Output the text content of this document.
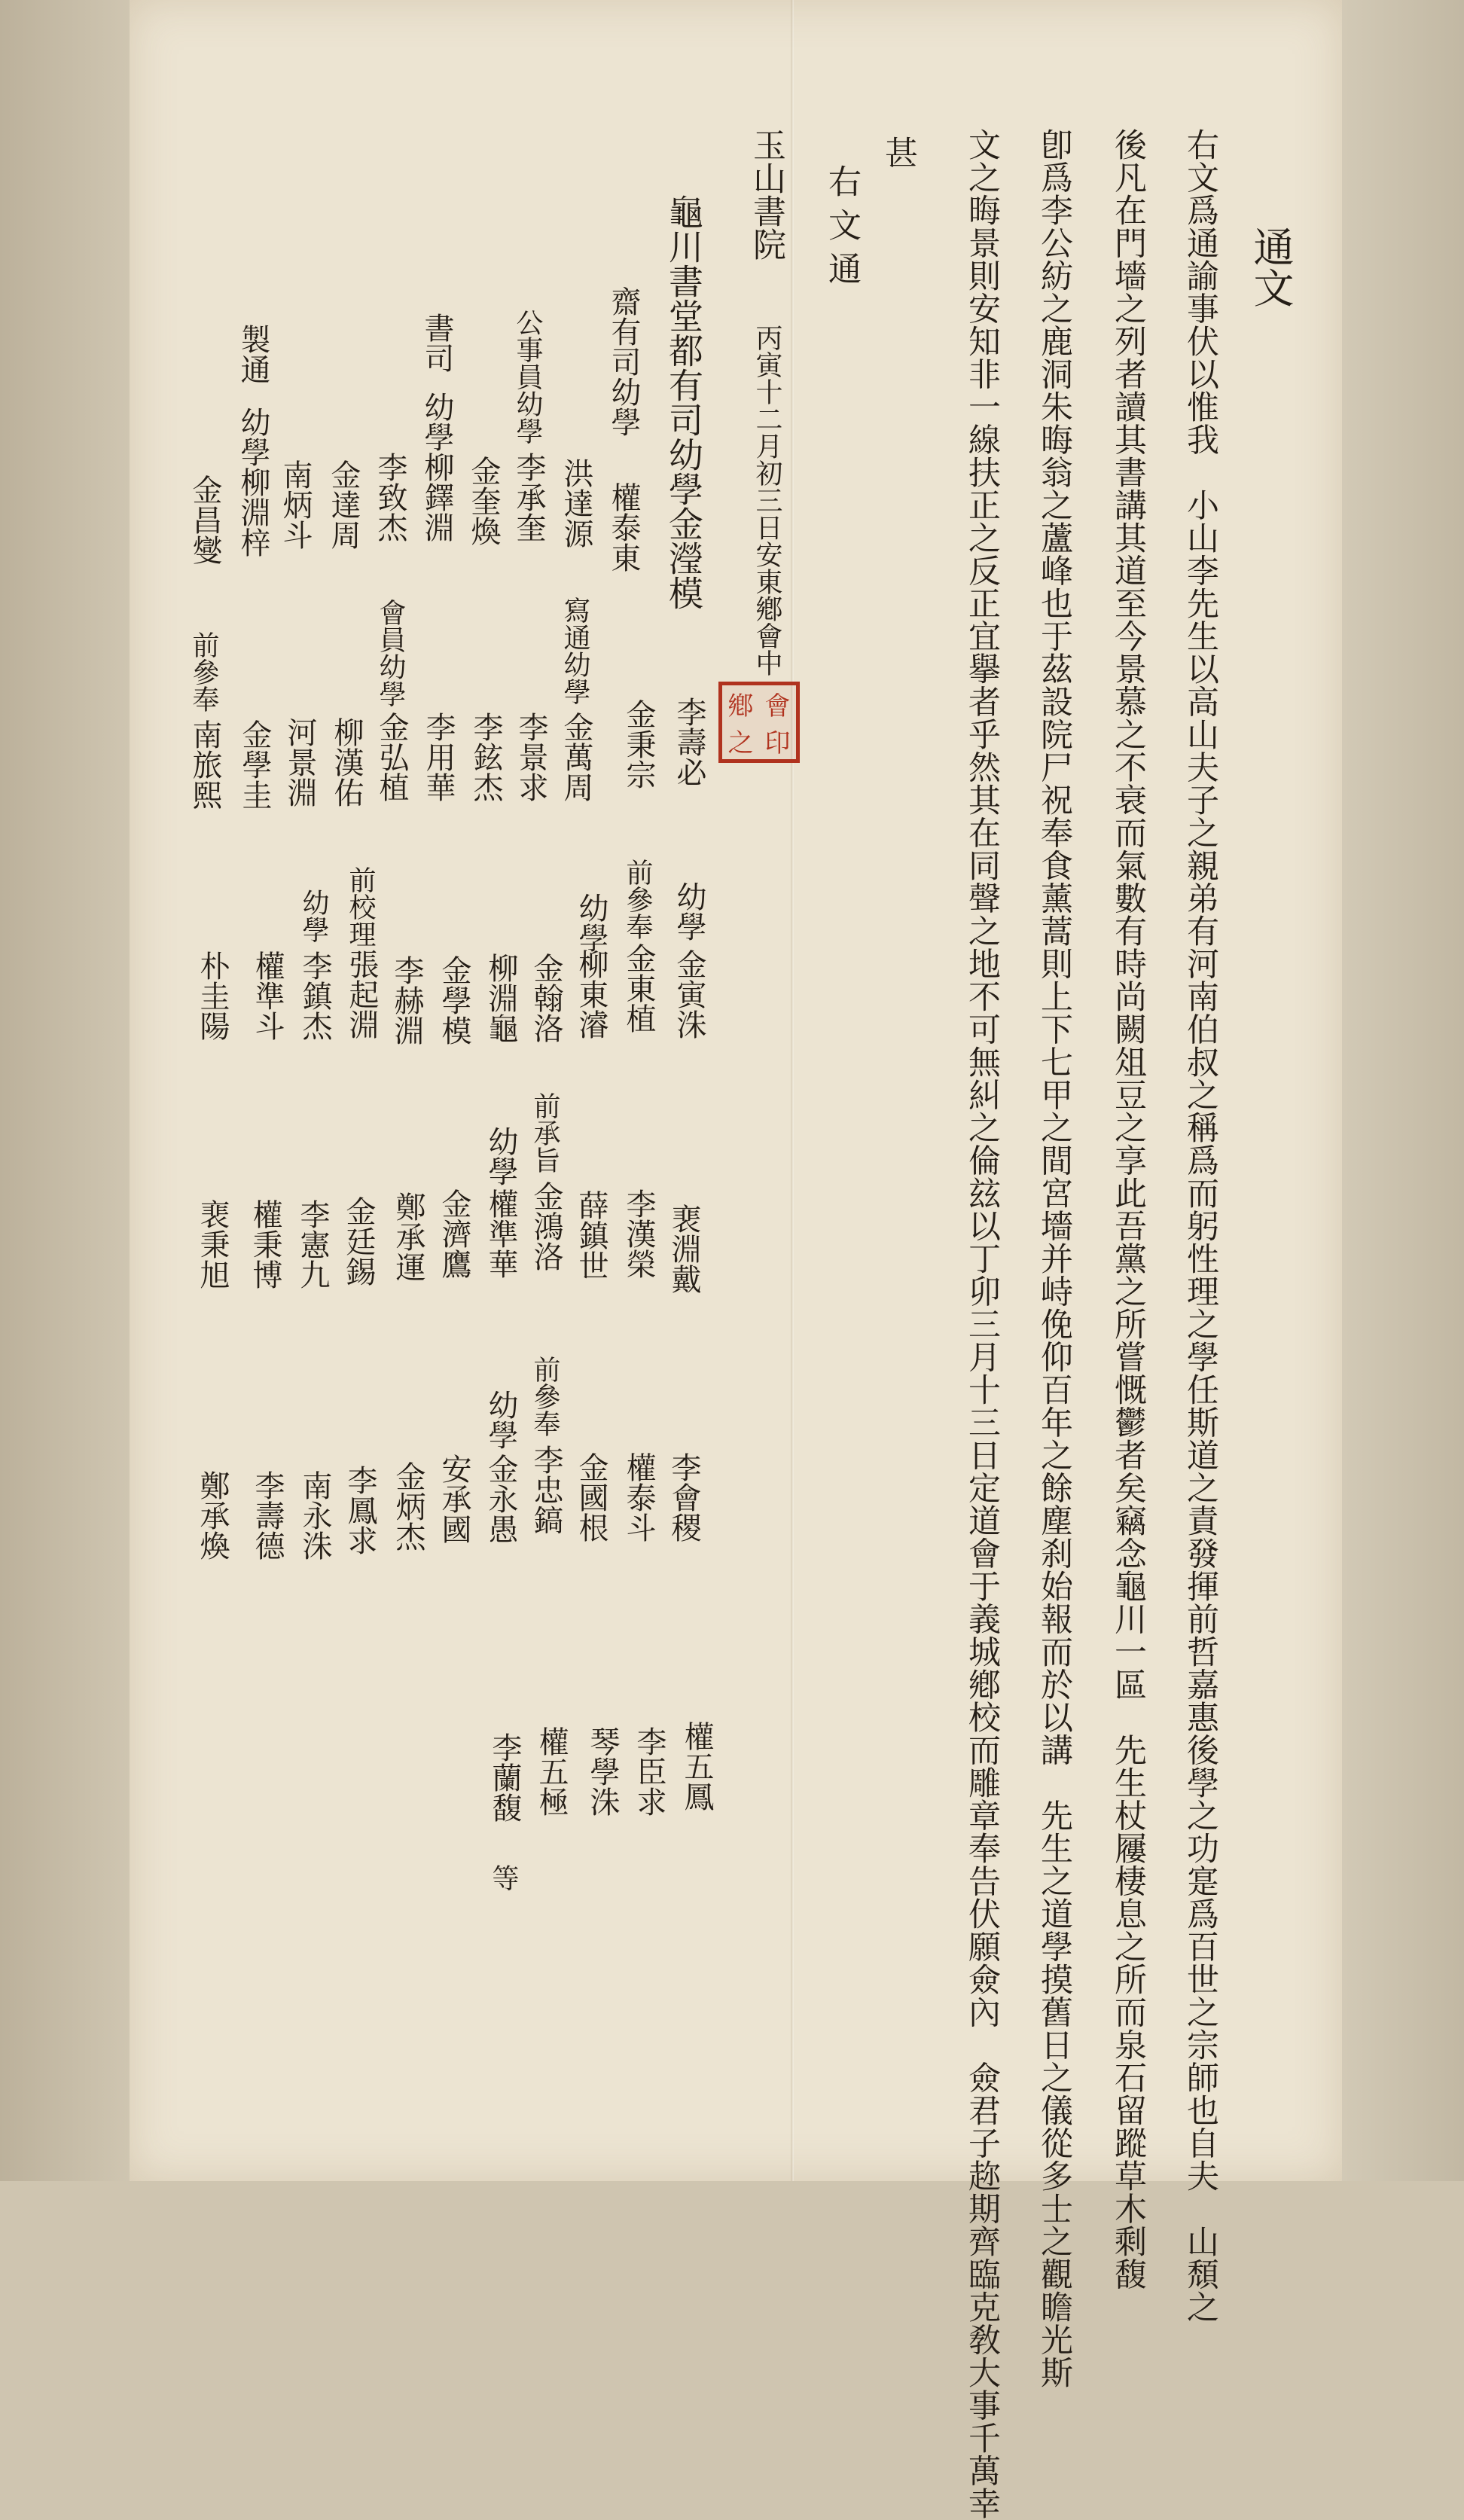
通文
右文爲通諭事伏以惟我　小山李先生以高山夫子之親弟有河南伯叔之稱爲而躬性理之學任斯道之責發揮前哲嘉惠後學之功寔爲百世之宗師也自夫　山頹之
後凡在門墻之列者讀其書講其道至今景慕之不衰而氣數有時尚闕俎豆之享此吾黨之所嘗慨鬱者矣竊念龜川一區　先生杖屨棲息之所而泉石留蹤草木剩馥
卽爲李公紡之鹿洞朱晦翁之蘆峰也于茲設院尸祝奉食薰蒿則上下七甲之間宮墻并峙俛仰百年之餘塵刹始報而於以講　先生之道學摸舊日之儀從多士之觀瞻光斯
文之晦景則安知非一線扶正之反正宜擧者乎然其在同聲之地不可無糾之倫玆以丁卯三月十三日定道會于義城鄕校而雕章奉告伏願僉內　僉君子趂期齊臨克敎大事千萬幸
甚
右文通
玉山書院
龜川書堂都有司幼學金瀅模 丙寅十二月初三日安東鄕會中
鄕 會
之 印
齋有司幼學
權泰東
洪達源
公事員幼學
李承奎
金奎煥
書司
幼學柳鐸淵
李致杰
金達周
南炳斗
製通
幼學柳淵梓
金昌燮
李壽必
金秉宗
寫通幼學
金萬周
李景求
李鉉杰
李用華
會員幼學
金弘植
柳漢佑
河景淵
金學圭
前參奉
南旅熙
幼學
金寅洙
前參奉
金東植
幼學
柳東濬
金翰洛
柳淵龜
金學模
李赫淵
前校理
張起淵
幼學
李鎮杰
權準斗
朴圭陽
裵淵戴
李漢榮
薛鎮世
前承旨
金鴻洛
幼學
權準華
金濟鷹
鄭承運
金廷錫
李憲九
權秉博
裵秉旭
李會稷
權泰斗
金國根
前參奉
李忠鎬
幼學
金永愚
安承國
金炳杰
李鳳求
南永洙
李壽德
鄭承煥
權五鳳
李臣求
琴學洙
權五極
李蘭馥
等
